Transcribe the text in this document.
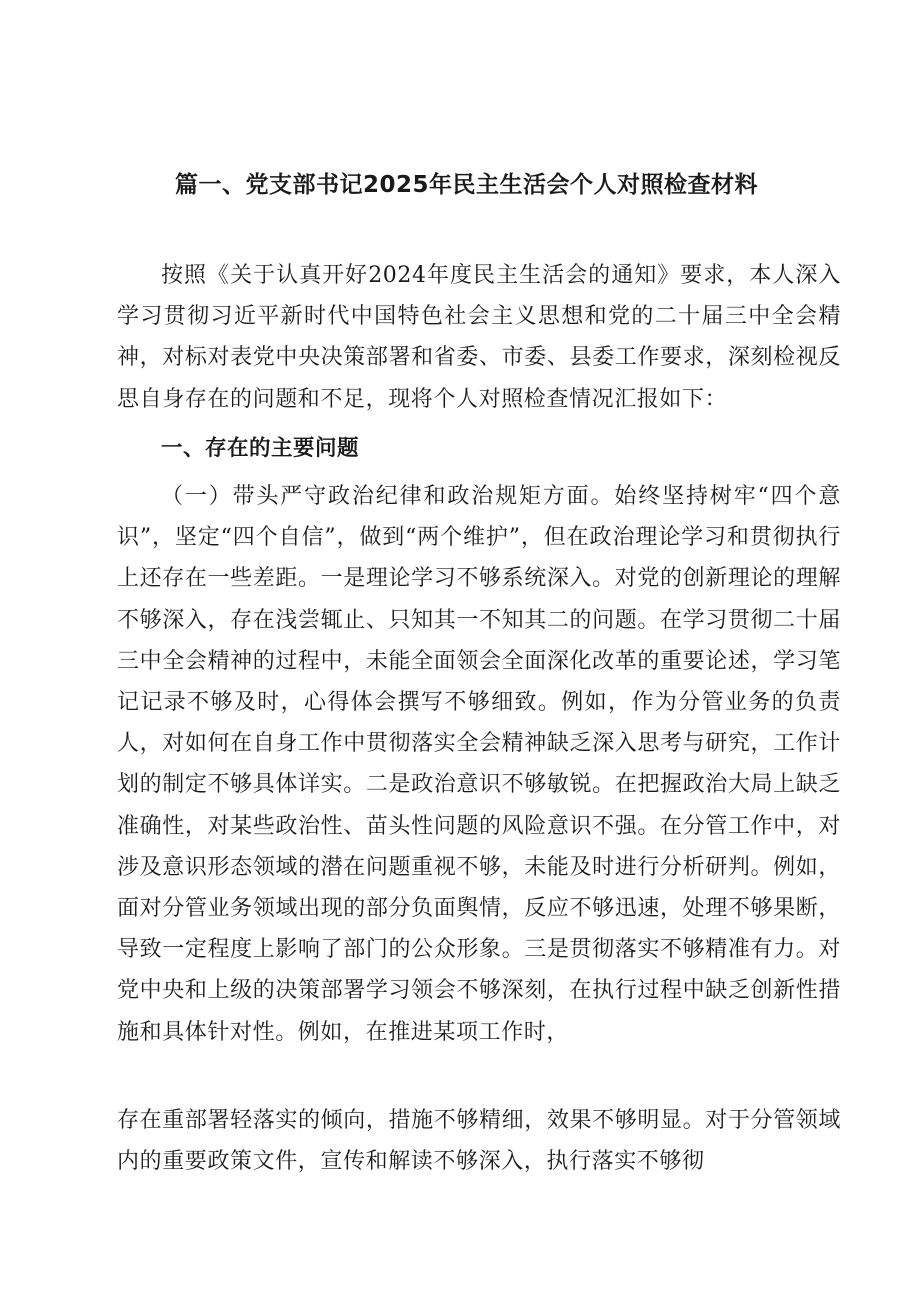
篇一、党支部书记2025年民主生活会个人对照检查材料

按照《关于认真开好2024年度民主生活会的通知》要求，本人深入学习贯彻习近平新时代中国特色社会主义思想和党的二十届三中全会精神，对标对表党中央决策部署和省委、市委、县委工作要求，深刻检视反思自身存在的问题和不足，现将个人对照检查情况汇报如下：

一、存在的主要问题

（一）带头严守政治纪律和政治规矩方面。始终坚持树牢“四个意识”，坚定“四个自信”，做到“两个维护”，但在政治理论学习和贯彻执行上还存在一些差距。一是理论学习不够系统深入。对党的创新理论的理解不够深入，存在浅尝辄止、只知其一不知其二的问题。在学习贯彻二十届三中全会精神的过程中，未能全面领会全面深化改革的重要论述，学习笔记记录不够及时，心得体会撰写不够细致。例如，作为分管业务的负责人，对如何在自身工作中贯彻落实全会精神缺乏深入思考与研究，工作计划的制定不够具体详实。二是政治意识不够敏锐。在把握政治大局上缺乏准确性，对某些政治性、苗头性问题的风险意识不强。在分管工作中，对涉及意识形态领域的潜在问题重视不够，未能及时进行分析研判。例如，面对分管业务领域出现的部分负面舆情，反应不够迅速，处理不够果断，导致一定程度上影响了部门的公众形象。三是贯彻落实不够精准有力。对党中央和上级的决策部署学习领会不够深刻，在执行过程中缺乏创新性措施和具体针对性。例如，在推进某项工作时，

存在重部署轻落实的倾向，措施不够精细，效果不够明显。对于分管领域内的重要政策文件，宣传和解读不够深入，执行落实不够彻
